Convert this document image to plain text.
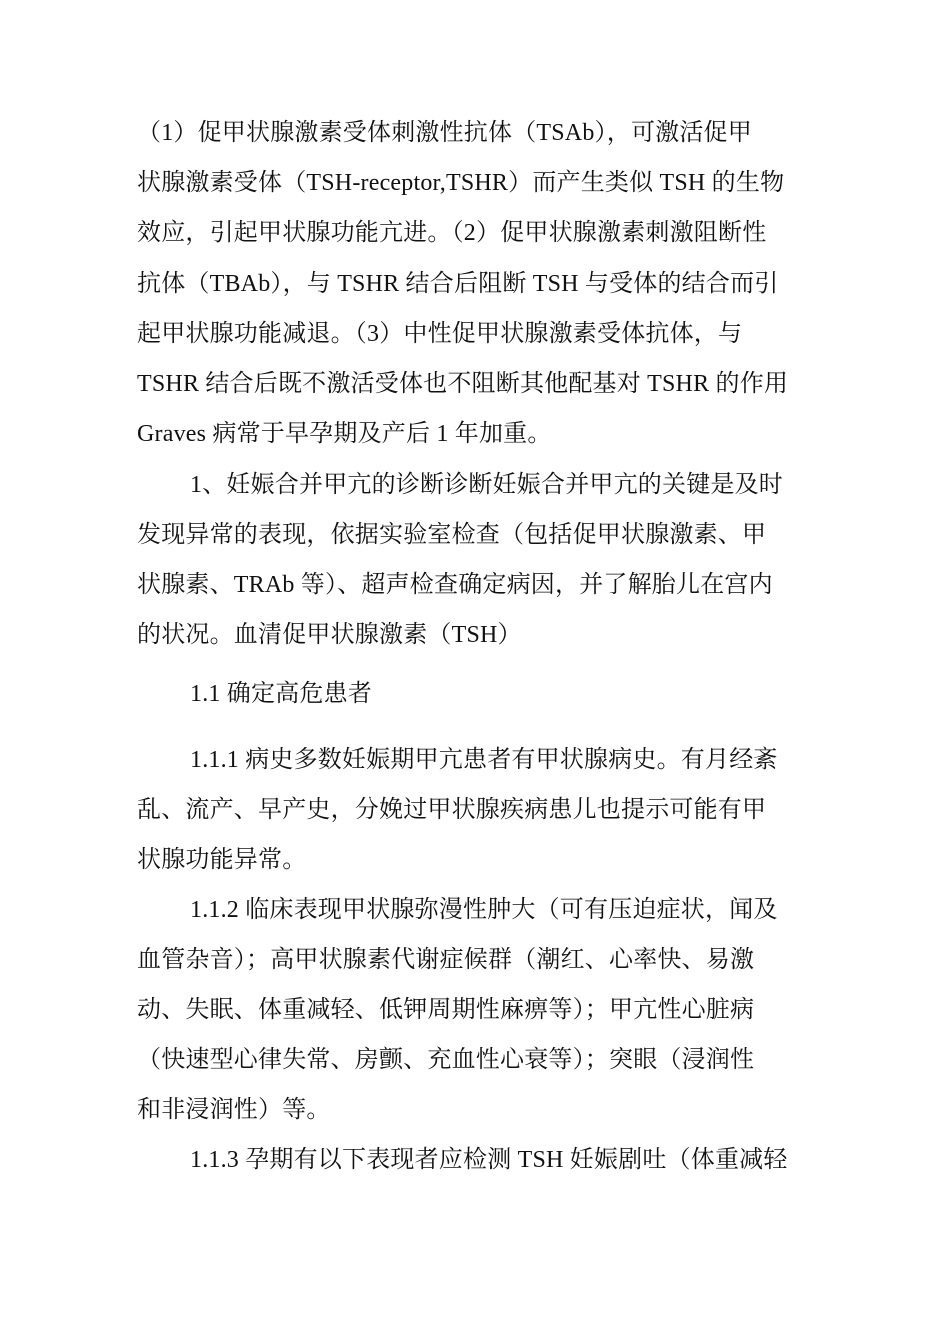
（1）促甲状腺激素受体刺激性抗体（TSAb），可激活促甲
状腺激素受体（TSH-receptor,TSHR）而产生类似 TSH 的生物
效应，引起甲状腺功能亢进。（2）促甲状腺激素刺激阻断性
抗体（TBAb），与 TSHR 结合后阻断 TSH 与受体的结合而引
起甲状腺功能减退。（3）中性促甲状腺激素受体抗体，与
TSHR 结合后既不激活受体也不阻断其他配基对 TSHR 的作用
Graves 病常于早孕期及产后 1 年加重。
1、妊娠合并甲亢的诊断诊断妊娠合并甲亢的关键是及时
发现异常的表现，依据实验室检查（包括促甲状腺激素、甲
状腺素、TRAb 等）、超声检查确定病因，并了解胎儿在宫内
的状况。血清促甲状腺激素（TSH）
1.1 确定高危患者
1.1.1 病史多数妊娠期甲亢患者有甲状腺病史。有月经紊
乱、流产、早产史，分娩过甲状腺疾病患儿也提示可能有甲
状腺功能异常。
1.1.2 临床表现甲状腺弥漫性肿大（可有压迫症状，闻及
血管杂音）；高甲状腺素代谢症候群（潮红、心率快、易激
动、失眠、体重减轻、低钾周期性麻痹等）；甲亢性心脏病
（快速型心律失常、房颤、充血性心衰等）；突眼（浸润性
和非浸润性）等。
1.1.3 孕期有以下表现者应检测 TSH 妊娠剧吐（体重减轻
